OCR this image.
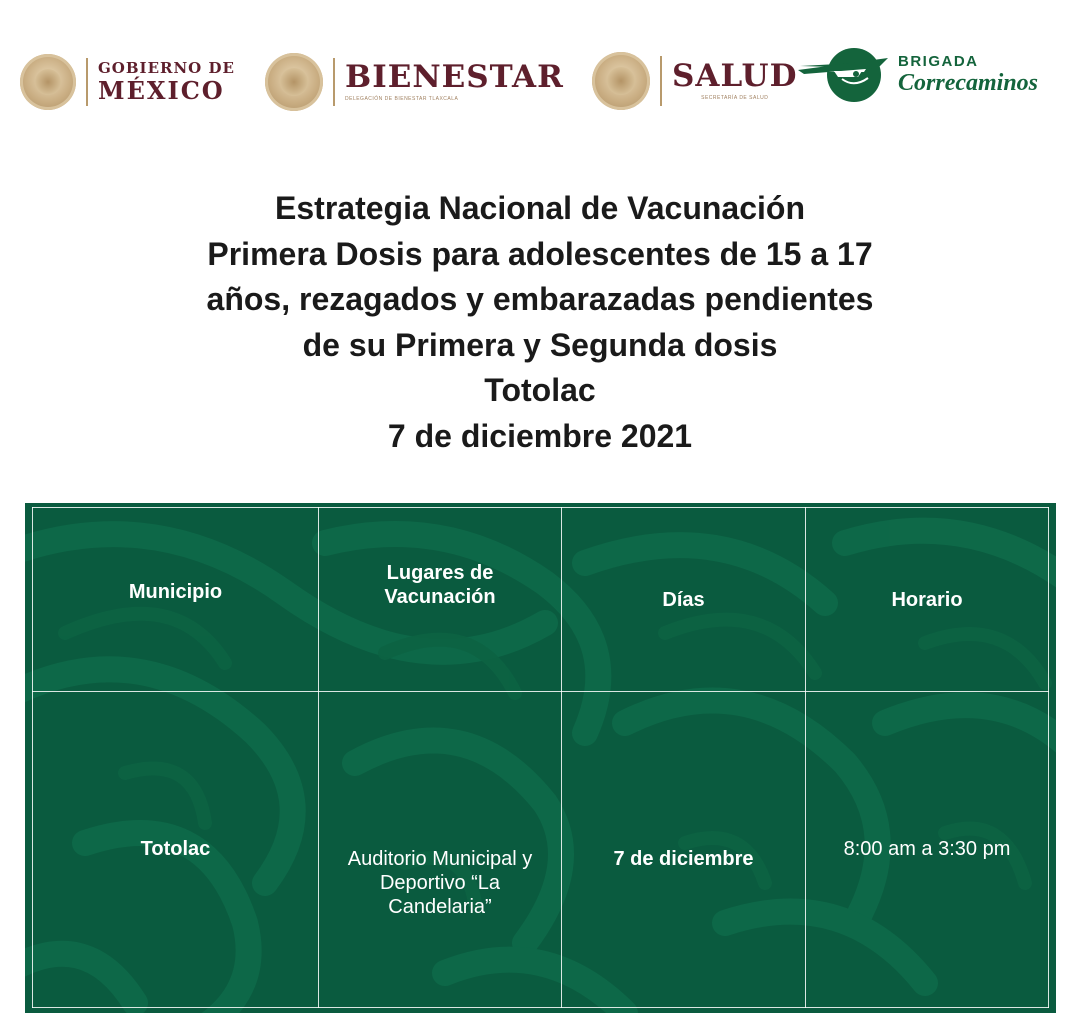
GOBIERNO DE
MÉXICO	BIENESTAR
DELEGACIÓN DE BIENESTAR TLAXCALA
SALUD
SECRETARÍA DE SALUD
BRIGADA
Correcaminos
Estrategia Nacional de Vacunación
Primera Dosis para adolescentes de 15 a 17
años, rezagados y embarazadas pendientes
de su Primera y Segunda dosis
Totolac
7 de diciembre 2021
Municipio	Lugares de Vacunación	Días	Horario
Totolac	Auditorio Municipal y Deportivo “La Candelaria”	7 de diciembre	8:00 am a 3:30 pm
